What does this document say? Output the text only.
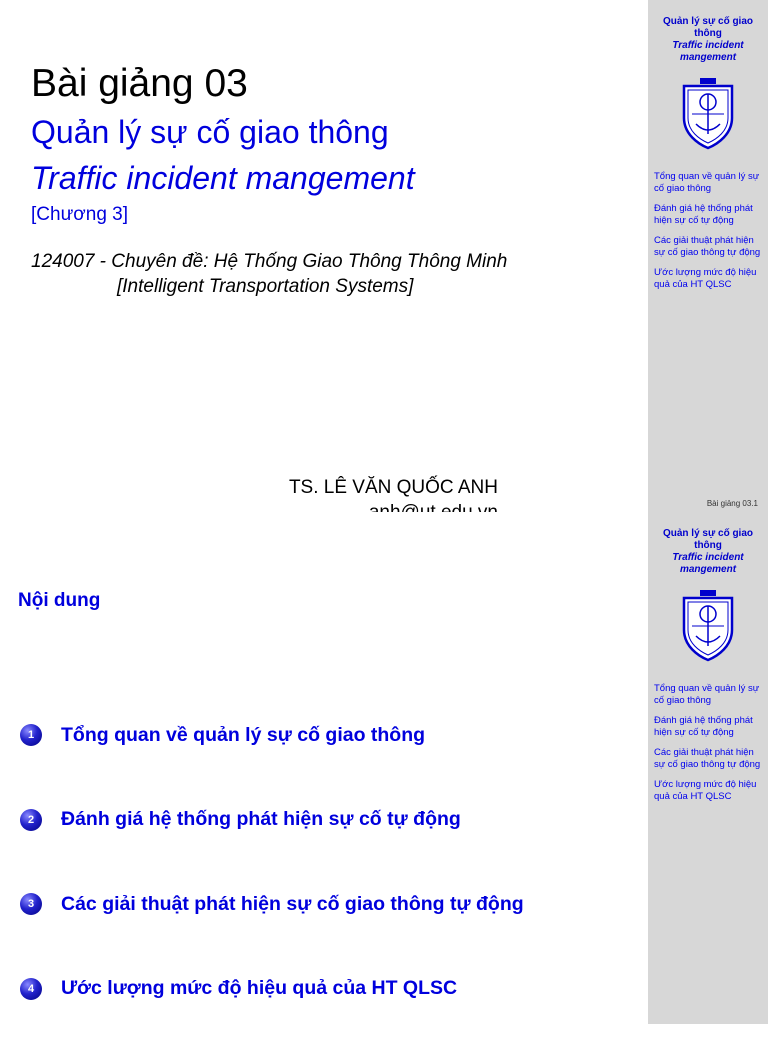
Bài giảng 03
Quản lý sự cố giao thông
Traffic incident mangement
[Chương 3]
124007 - Chuyên đề: Hệ Thống Giao Thông Thông Minh
[Intelligent Transportation Systems]
TS. LÊ VĂN QUỐC ANH
Quản lý sự cố giao thông
Traffic incident
mangement
Tổng quan về quản lý sự cố giao thông
Đánh giá hệ thống phát hiện sự cố tự động
Các giải thuật phát hiện sự cố giao thông tự động
Ước lượng mức độ hiệu quả của HT QLSC
Bài giảng 03.1
Nội dung
1	Tổng quan về quản lý sự cố giao thông
2	Đánh giá hệ thống phát hiện sự cố tự động
3	Các giải thuật phát hiện sự cố giao thông tự động
4	Ước lượng mức độ hiệu quả của HT QLSC
Quản lý sự cố giao thông
Traffic incident
mangement
Tổng quan về quản lý sự cố giao thông
Đánh giá hệ thống phát hiện sự cố tự động
Các giải thuật phát hiện sự cố giao thông tự động
Ước lượng mức độ hiệu quả của HT QLSC
